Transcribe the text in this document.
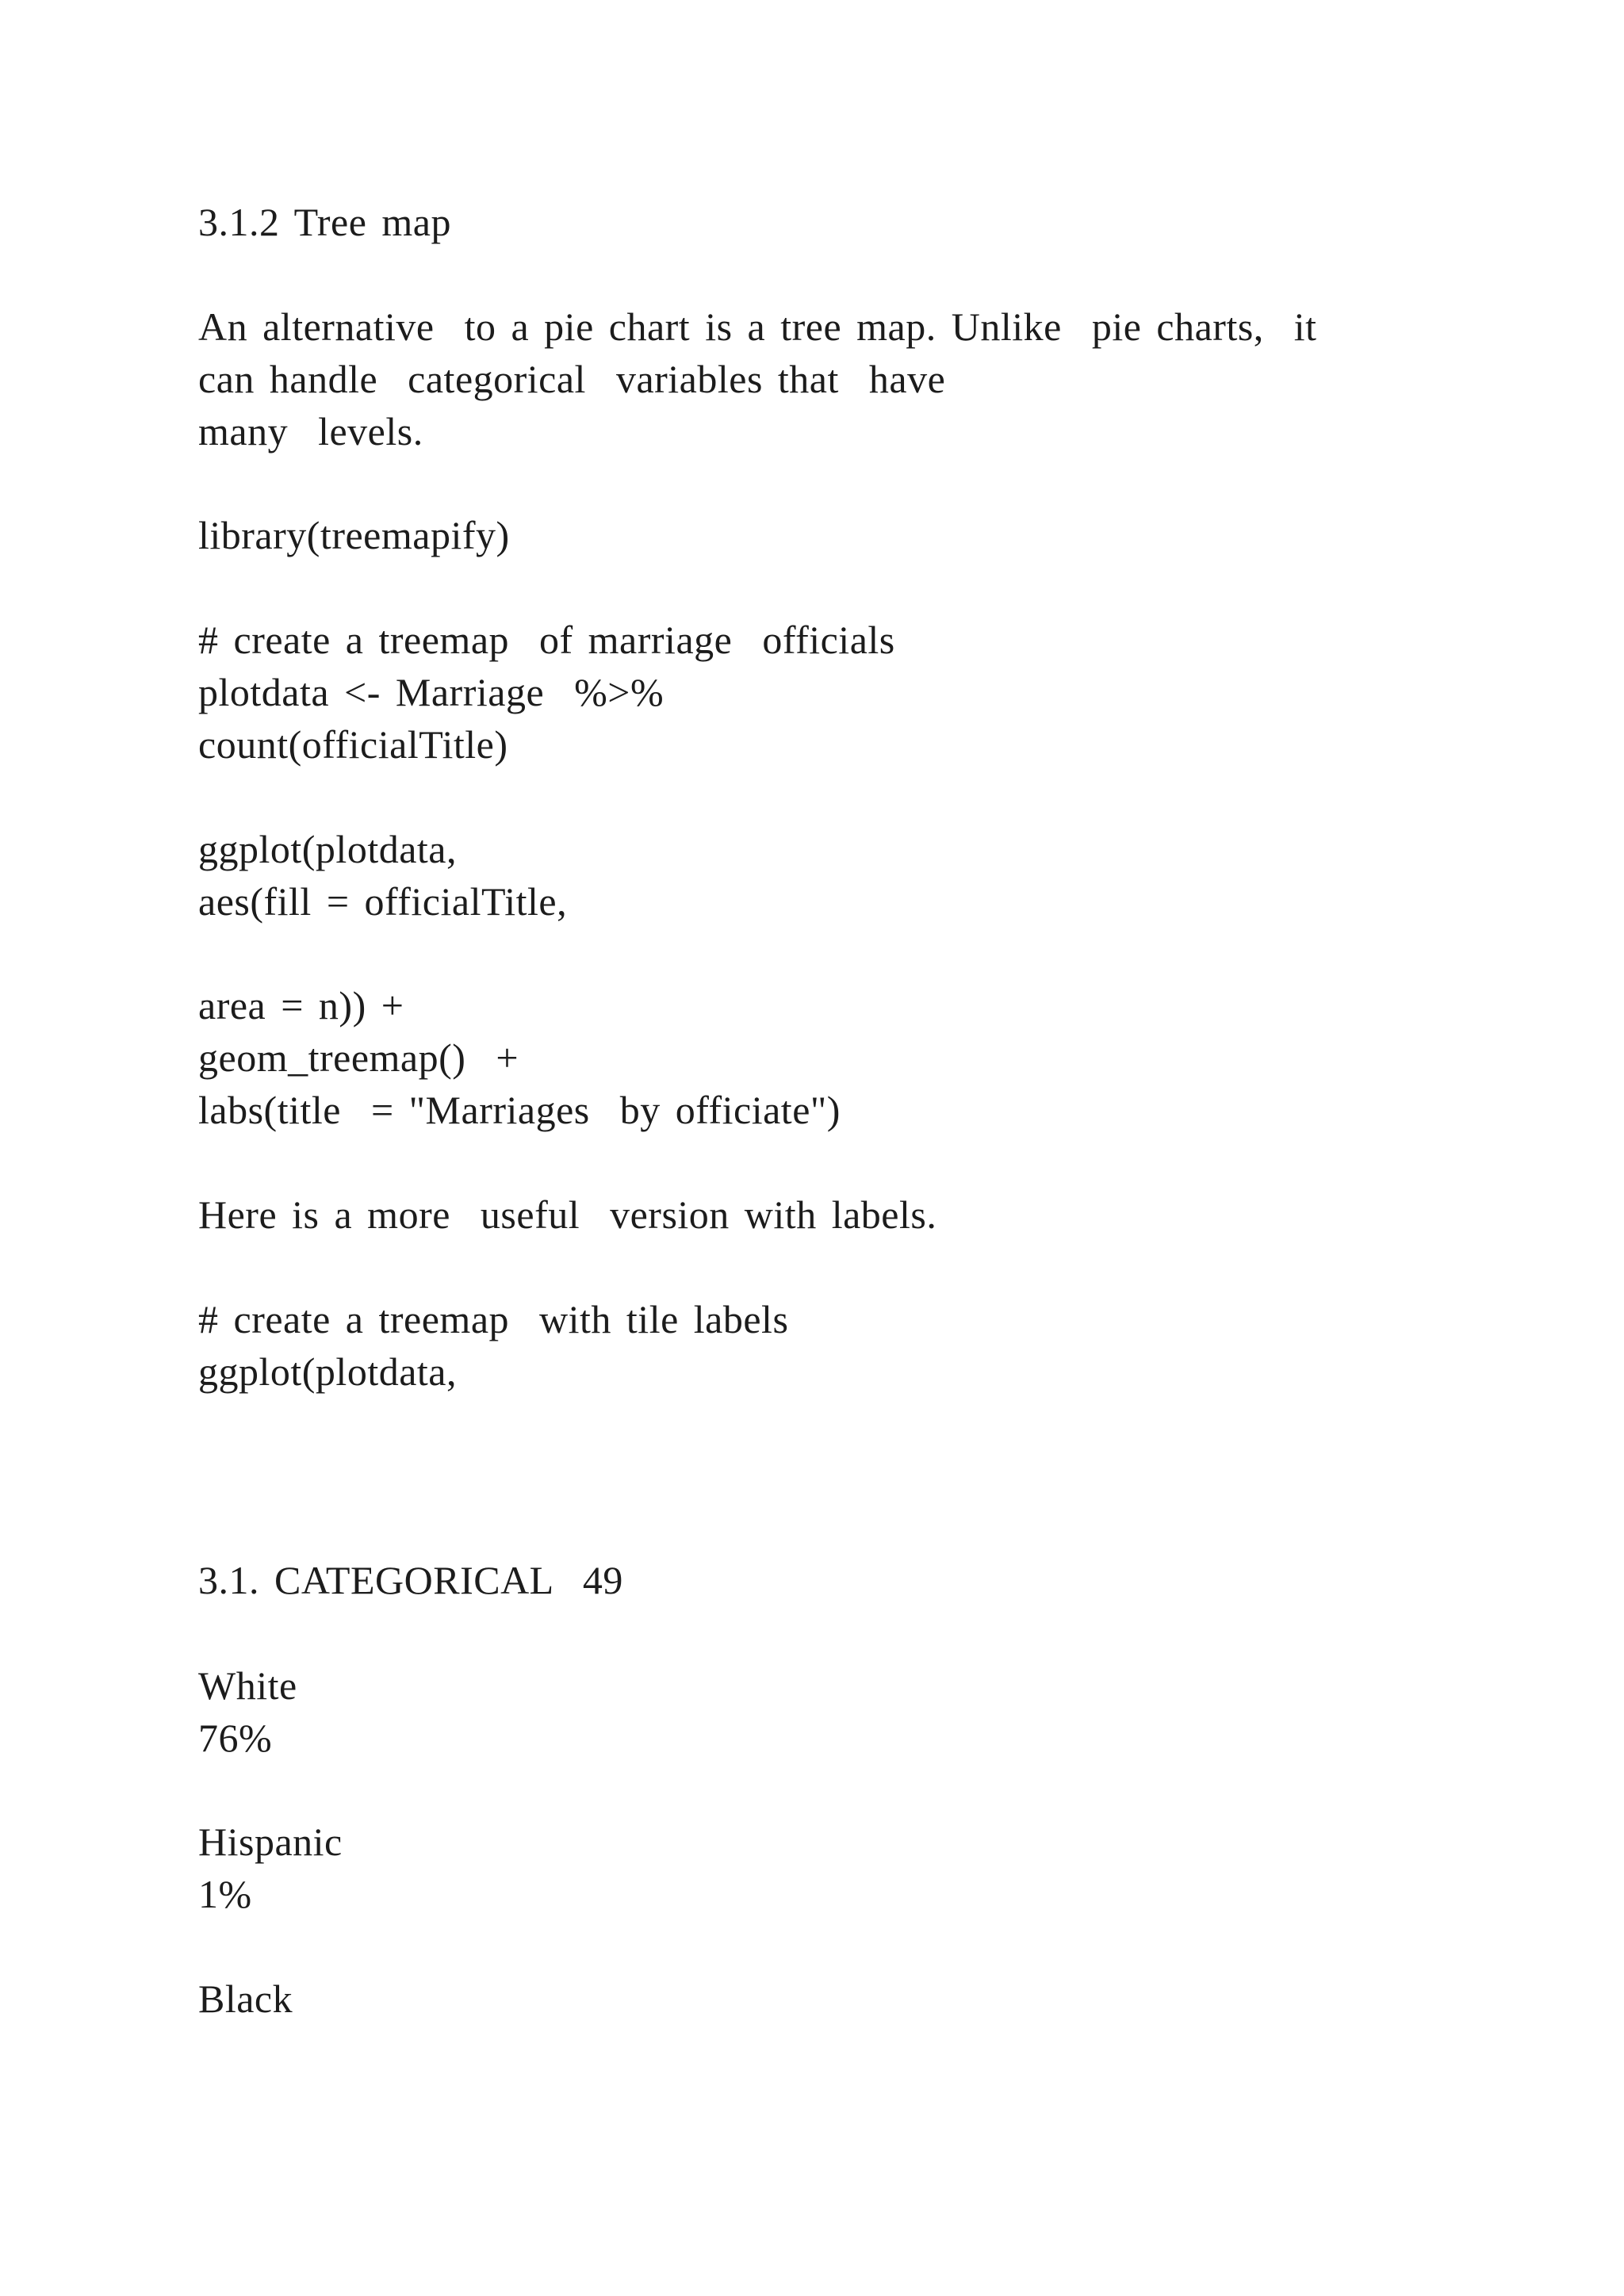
3.1.2 Tree map
An alternative  to a pie chart is a tree map. Unlike  pie charts,  it
can handle  categorical  variables that  have
many  levels.
library(treemapify)
# create a treemap  of marriage  officials
plotdata <- Marriage  %>%
count(officialTitle)
ggplot(plotdata,
aes(fill = officialTitle,
area = n)) +
geom_treemap()  +
labs(title  = "Marriages  by officiate")
Here is a more  useful  version with labels.
# create a treemap  with tile labels
ggplot(plotdata,
3.1. CATEGORICAL  49
White
76%
Hispanic
1%
Black
